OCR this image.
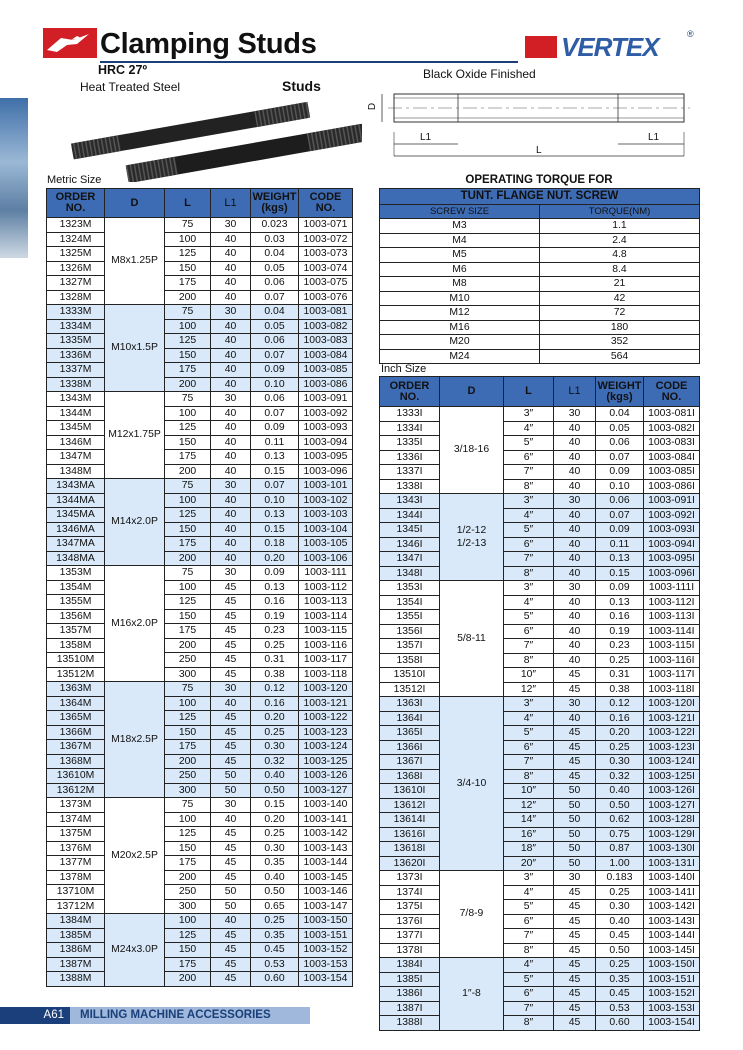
Clamping Studs
HRC 27º
Heat Treated Steel	Studs
VERTEX	®
Black Oxide Finished
D
L1	L1
L
Metric Size
Inch Size
OPERATING TORQUE FOR
ORDER
NO.	D	L	L1	WEIGHT
(kgs)	CODE
NO.
1323M	M8x1.25P	75	30	0.023	1003-071
1324M		100	40	0.03	1003-072
1325M		125	40	0.04	1003-073
1326M		150	40	0.05	1003-074
1327M		175	40	0.06	1003-075
1328M		200	40	0.07	1003-076
1333M	M10x1.5P	75	30	0.04	1003-081
1334M		100	40	0.05	1003-082
1335M		125	40	0.06	1003-083
1336M		150	40	0.07	1003-084
1337M		175	40	0.09	1003-085
1338M		200	40	0.10	1003-086
1343M	M12x1.75P	75	30	0.06	1003-091
1344M		100	40	0.07	1003-092
1345M		125	40	0.09	1003-093
1346M		150	40	0.11	1003-094
1347M		175	40	0.13	1003-095
1348M		200	40	0.15	1003-096
1343MA	M14x2.0P	75	30	0.07	1003-101
1344MA		100	40	0.10	1003-102
1345MA		125	40	0.13	1003-103
1346MA		150	40	0.15	1003-104
1347MA		175	40	0.18	1003-105
1348MA		200	40	0.20	1003-106
1353M	M16x2.0P	75	30	0.09	1003-111
1354M		100	45	0.13	1003-112
1355M		125	45	0.16	1003-113
1356M		150	45	0.19	1003-114
1357M		175	45	0.23	1003-115
1358M		200	45	0.25	1003-116
13510M		250	45	0.31	1003-117
13512M		300	45	0.38	1003-118
1363M	M18x2.5P	75	30	0.12	1003-120
1364M		100	40	0.16	1003-121
1365M		125	45	0.20	1003-122
1366M		150	45	0.25	1003-123
1367M		175	45	0.30	1003-124
1368M		200	45	0.32	1003-125
13610M		250	50	0.40	1003-126
13612M		300	50	0.50	1003-127
1373M	M20x2.5P	75	30	0.15	1003-140
1374M		100	40	0.20	1003-141
1375M		125	45	0.25	1003-142
1376M		150	45	0.30	1003-143
1377M		175	45	0.35	1003-144
1378M		200	45	0.40	1003-145
13710M		250	50	0.50	1003-146
13712M		300	50	0.65	1003-147
1384M	M24x3.0P	100	40	0.25	1003-150
1385M		125	45	0.35	1003-151
1386M		150	45	0.45	1003-152
1387M		175	45	0.53	1003-153
1388M		200	45	0.60	1003-154
TUNT. FLANGE NUT. SCREW	
SCREW SIZE	TORQUE(NM)
M3	1.1
M4	2.4
M5	4.8
M6	8.4
M8	21
M10	42
M12	72
M16	180
M20	352
M24	564
ORDER
NO.	D	L	L1	WEIGHT
(kgs)	CODE
NO.
1333I	3/18-16	3″	30	0.04	1003-081I
1334I		4″	40	0.05	1003-082I
1335I		5″	40	0.06	1003-083I
1336I		6″	40	0.07	1003-084I
1337I		7″	40	0.09	1003-085I
1338I		8″	40	0.10	1003-086I
1343I	1/2-12
1/2-13	3″	30	0.06	1003-091I
1344I		4″	40	0.07	1003-092I
1345I		5″	40	0.09	1003-093I
1346I		6″	40	0.11	1003-094I
1347I		7″	40	0.13	1003-095I
1348I		8″	40	0.15	1003-096I
1353I	5/8-11	3″	30	0.09	1003-111I
1354I		4″	40	0.13	1003-112I
1355I		5″	40	0.16	1003-113I
1356I		6″	40	0.19	1003-114I
1357I		7″	40	0.23	1003-115I
1358I		8″	40	0.25	1003-116I
13510I		10″	45	0.31	1003-117I
13512I		12″	45	0.38	1003-118I
1363I	3/4-10	3″	30	0.12	1003-120I
1364I		4″	40	0.16	1003-121I
1365I		5″	45	0.20	1003-122I
1366I		6″	45	0.25	1003-123I
1367I		7″	45	0.30	1003-124I
1368I		8″	45	0.32	1003-125I
13610I		10″	50	0.40	1003-126I
13612I		12″	50	0.50	1003-127I
13614I		14″	50	0.62	1003-128I
13616I		16″	50	0.75	1003-129I
13618I		18″	50	0.87	1003-130I
13620I		20″	50	1.00	1003-131I
1373I	7/8-9	3″	30	0.183	1003-140I
1374I		4″	45	0.25	1003-141I
1375I		5″	45	0.30	1003-142I
1376I		6″	45	0.40	1003-143I
1377I		7″	45	0.45	1003-144I
1378I		8″	45	0.50	1003-145I
1384I	1″-8	4″	45	0.25	1003-150I
1385I		5″	45	0.35	1003-151I
1386I		6″	45	0.45	1003-152I
1387I		7″	45	0.53	1003-153I
1388I		8″	45	0.60	1003-154I
A61	MILLING MACHINE ACCESSORIES
